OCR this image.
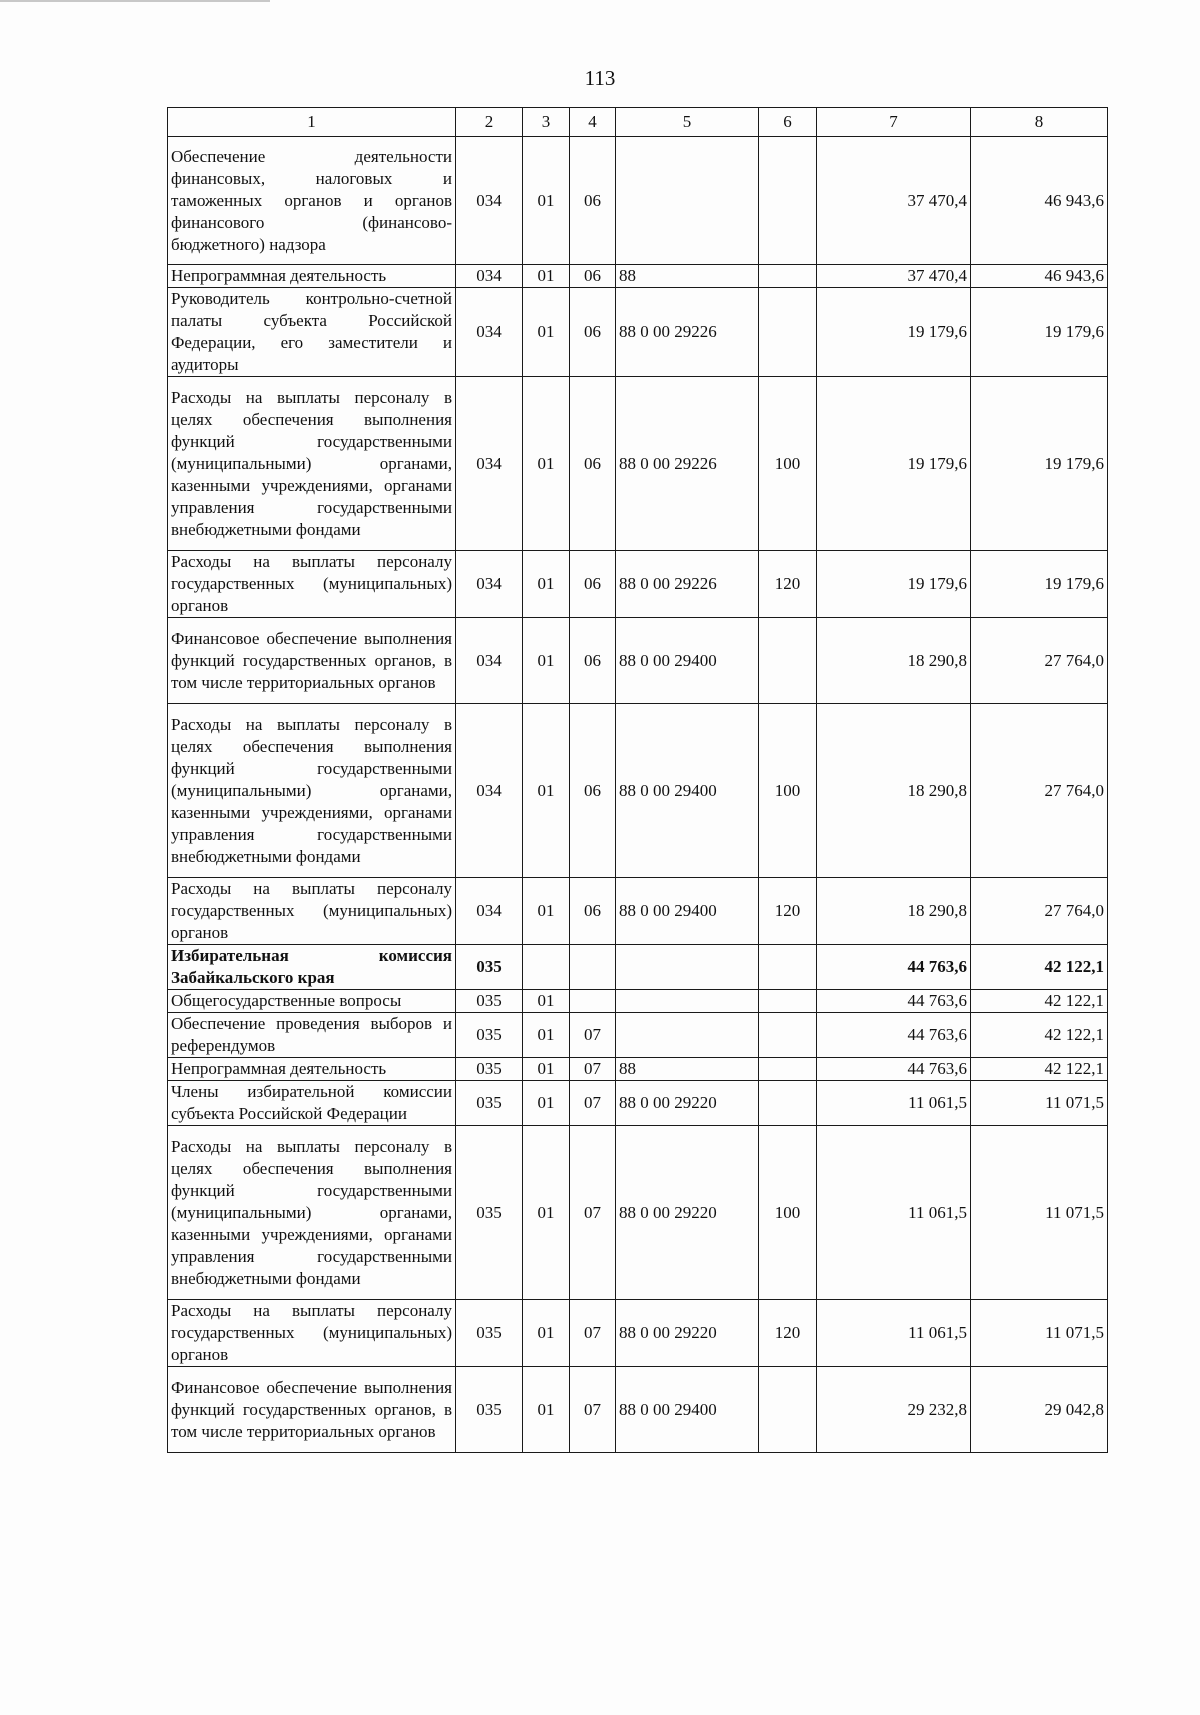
113
1	2	3	4	5	6	7	8
Обеспечение деятельности финансовых, налоговых и таможенных органов и органов финансового (финансово-бюджетного) надзора	034	01	06			37 470,4	46 943,6
Непрограммная деятельность	034	01	06	88		37 470,4	46 943,6
Руководитель контрольно-счетной палаты субъекта Российской Федерации, его заместители и аудиторы	034	01	06	88 0 00 29226		19 179,6	19 179,6
Расходы на выплаты персоналу в целях обеспечения выполнения функций государственными (муниципальными) органами, казенными учреждениями, органами управления государственными внебюджетными фондами	034	01	06	88 0 00 29226	100	19 179,6	19 179,6
Расходы на выплаты персоналу государственных (муниципальных) органов	034	01	06	88 0 00 29226	120	19 179,6	19 179,6
Финансовое обеспечение выполнения функций государственных органов, в том числе территориальных органов	034	01	06	88 0 00 29400		18 290,8	27 764,0
Расходы на выплаты персоналу в целях обеспечения выполнения функций государственными (муниципальными) органами, казенными учреждениями, органами управления государственными внебюджетными фондами	034	01	06	88 0 00 29400	100	18 290,8	27 764,0
Расходы на выплаты персоналу государственных (муниципальных) органов	034	01	06	88 0 00 29400	120	18 290,8	27 764,0
Избирательная комиссия Забайкальского края	035					44 763,6	42 122,1
Общегосударственные вопросы	035	01				44 763,6	42 122,1
Обеспечение проведения выборов и референдумов	035	01	07			44 763,6	42 122,1
Непрограммная деятельность	035	01	07	88		44 763,6	42 122,1
Члены избирательной комиссии субъекта Российской Федерации	035	01	07	88 0 00 29220		11 061,5	11 071,5
Расходы на выплаты персоналу в целях обеспечения выполнения функций государственными (муниципальными) органами, казенными учреждениями, органами управления государственными внебюджетными фондами	035	01	07	88 0 00 29220	100	11 061,5	11 071,5
Расходы на выплаты персоналу государственных (муниципальных) органов	035	01	07	88 0 00 29220	120	11 061,5	11 071,5
Финансовое обеспечение выполнения функций государственных органов, в том числе территориальных органов	035	01	07	88 0 00 29400		29 232,8	29 042,8
